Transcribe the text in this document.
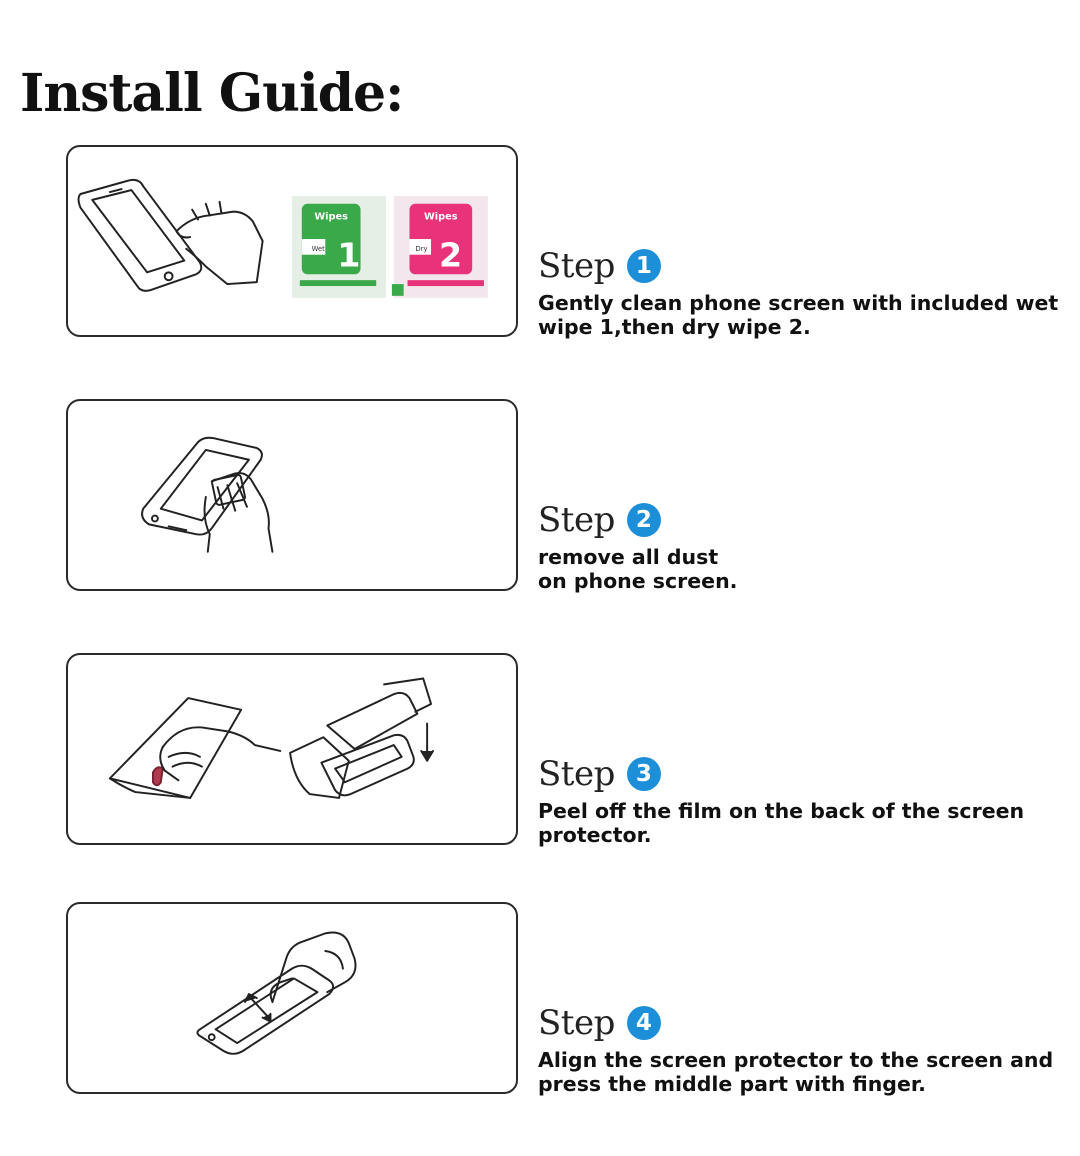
Install Guide:
Wipes
Wet 1
Wipes
Dry 2 Step 1
Gently clean phone screen with included wet
wipe 1,then dry wipe 2.
Step 2
remove all dust
on phone screen.
Step 3
Peel off the film on the back of the screen
protector.
Step 4
Align the screen protector to the screen and
press the middle part with finger.
